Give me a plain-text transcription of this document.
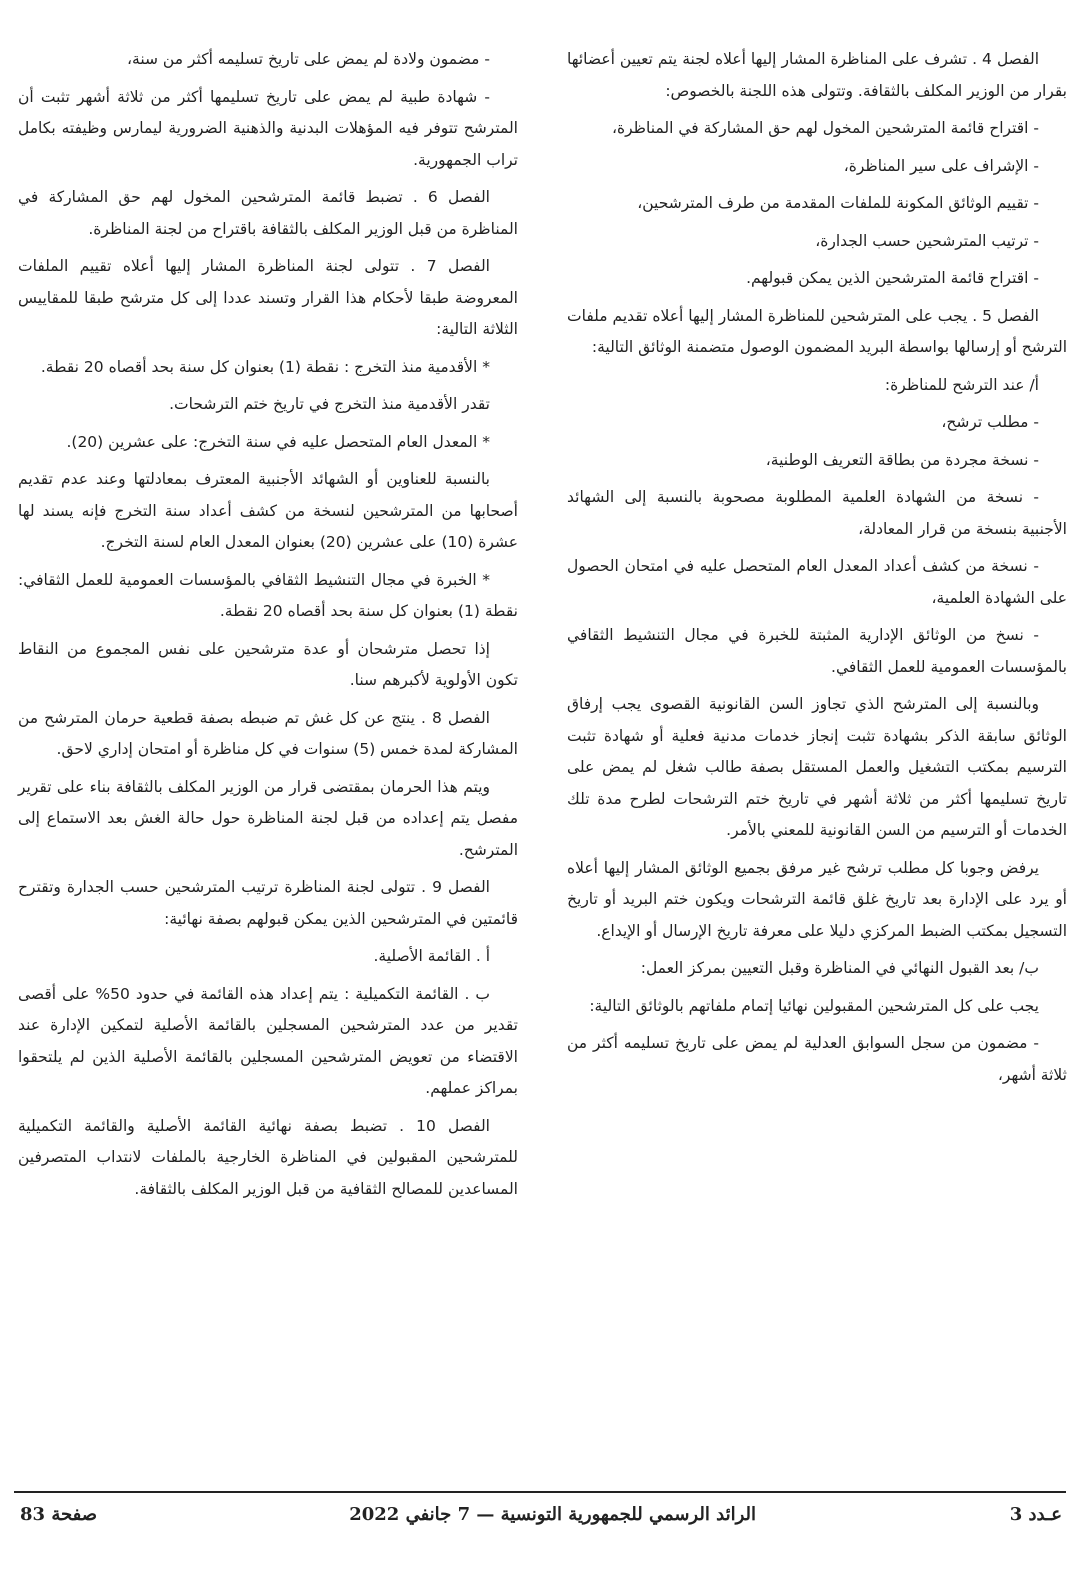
الفصل 4 . تشرف على المناظرة المشار إليها أعلاه لجنة يتم تعيين أعضائها بقرار من الوزير المكلف بالثقافة. وتتولى هذه اللجنة بالخصوص:

- اقتراح قائمة المترشحين المخول لهم حق المشاركة في المناظرة،

- الإشراف على سير المناظرة،

- تقييم الوثائق المكونة للملفات المقدمة من طرف المترشحين،

- ترتيب المترشحين حسب الجدارة،

- اقتراح قائمة المترشحين الذين يمكن قبولهم.

الفصل 5 . يجب على المترشحين للمناظرة المشار إليها أعلاه تقديم ملفات الترشح أو إرسالها بواسطة البريد المضمون الوصول متضمنة الوثائق التالية:

أ/ عند الترشح للمناظرة:

- مطلب ترشح،

- نسخة مجردة من بطاقة التعريف الوطنية،

- نسخة من الشهادة العلمية المطلوبة مصحوبة بالنسبة إلى الشهائد الأجنبية بنسخة من قرار المعادلة،

- نسخة من كشف أعداد المعدل العام المتحصل عليه في امتحان الحصول على الشهادة العلمية،

- نسخ من الوثائق الإدارية المثبتة للخبرة في مجال التنشيط الثقافي بالمؤسسات العمومية للعمل الثقافي.

وبالنسبة إلى المترشح الذي تجاوز السن القانونية القصوى يجب إرفاق الوثائق سابقة الذكر بشهادة تثبت إنجاز خدمات مدنية فعلية أو شهادة تثبت الترسيم بمكتب التشغيل والعمل المستقل بصفة طالب شغل لم يمض على تاريخ تسليمها أكثر من ثلاثة أشهر في تاريخ ختم الترشحات لطرح مدة تلك الخدمات أو الترسيم من السن القانونية للمعني بالأمر.

يرفض وجوبا كل مطلب ترشح غير مرفق بجميع الوثائق المشار إليها أعلاه أو يرد على الإدارة بعد تاريخ غلق قائمة الترشحات ويكون ختم البريد أو تاريخ التسجيل بمكتب الضبط المركزي دليلا على معرفة تاريخ الإرسال أو الإيداع.

ب/ بعد القبول النهائي في المناظرة وقبل التعيين بمركز العمل:

يجب على كل المترشحين المقبولين نهائيا إتمام ملفاتهم بالوثائق التالية:

- مضمون من سجل السوابق العدلية لم يمض على تاريخ تسليمه أكثر من ثلاثة أشهر،

- مضمون ولادة لم يمض على تاريخ تسليمه أكثر من سنة،

- شهادة طبية لم يمض على تاريخ تسليمها أكثر من ثلاثة أشهر تثبت أن المترشح تتوفر فيه المؤهلات البدنية والذهنية الضرورية ليمارس وظيفته بكامل تراب الجمهورية.

الفصل 6 . تضبط قائمة المترشحين المخول لهم حق المشاركة في المناظرة من قبل الوزير المكلف بالثقافة باقتراح من لجنة المناظرة.

الفصل 7 . تتولى لجنة المناظرة المشار إليها أعلاه تقييم الملفات المعروضة طبقا لأحكام هذا القرار وتسند عددا إلى كل مترشح طبقا للمقاييس الثلاثة التالية:

* الأقدمية منذ التخرج : نقطة (1) بعنوان كل سنة بحد أقصاه 20 نقطة.

تقدر الأقدمية منذ التخرج في تاريخ ختم الترشحات.

* المعدل العام المتحصل عليه في سنة التخرج: على عشرين (20).

بالنسبة للعناوين أو الشهائد الأجنبية المعترف بمعادلتها وعند عدم تقديم أصحابها من المترشحين لنسخة من كشف أعداد سنة التخرج فإنه يسند لها عشرة (10) على عشرين (20) بعنوان المعدل العام لسنة التخرج.

* الخبرة في مجال التنشيط الثقافي بالمؤسسات العمومية للعمل الثقافي: نقطة (1) بعنوان كل سنة بحد أقصاه 20 نقطة.

إذا تحصل مترشحان أو عدة مترشحين على نفس المجموع من النقاط تكون الأولوية لأكبرهم سنا.

الفصل 8 . ينتج عن كل غش تم ضبطه بصفة قطعية حرمان المترشح من المشاركة لمدة خمس (5) سنوات في كل مناظرة أو امتحان إداري لاحق.

ويتم هذا الحرمان بمقتضى قرار من الوزير المكلف بالثقافة بناء على تقرير مفصل يتم إعداده من قبل لجنة المناظرة حول حالة الغش بعد الاستماع إلى المترشح.

الفصل 9 . تتولى لجنة المناظرة ترتيب المترشحين حسب الجدارة وتقترح قائمتين في المترشحين الذين يمكن قبولهم بصفة نهائية:

أ . القائمة الأصلية.

ب . القائمة التكميلية : يتم إعداد هذه القائمة في حدود 50% على أقصى تقدير من عدد المترشحين المسجلين بالقائمة الأصلية لتمكين الإدارة عند الاقتضاء من تعويض المترشحين المسجلين بالقائمة الأصلية الذين لم يلتحقوا بمراكز عملهم.

الفصل 10 . تضبط بصفة نهائية القائمة الأصلية والقائمة التكميلية للمترشحين المقبولين في المناظرة الخارجية بالملفات لانتداب المتصرفين المساعدين للمصالح الثقافية من قبل الوزير المكلف بالثقافة.

عـدد 3
الرائد الرسمي للجمهورية التونسية — 7 جانفي 2022
صفحة 83
